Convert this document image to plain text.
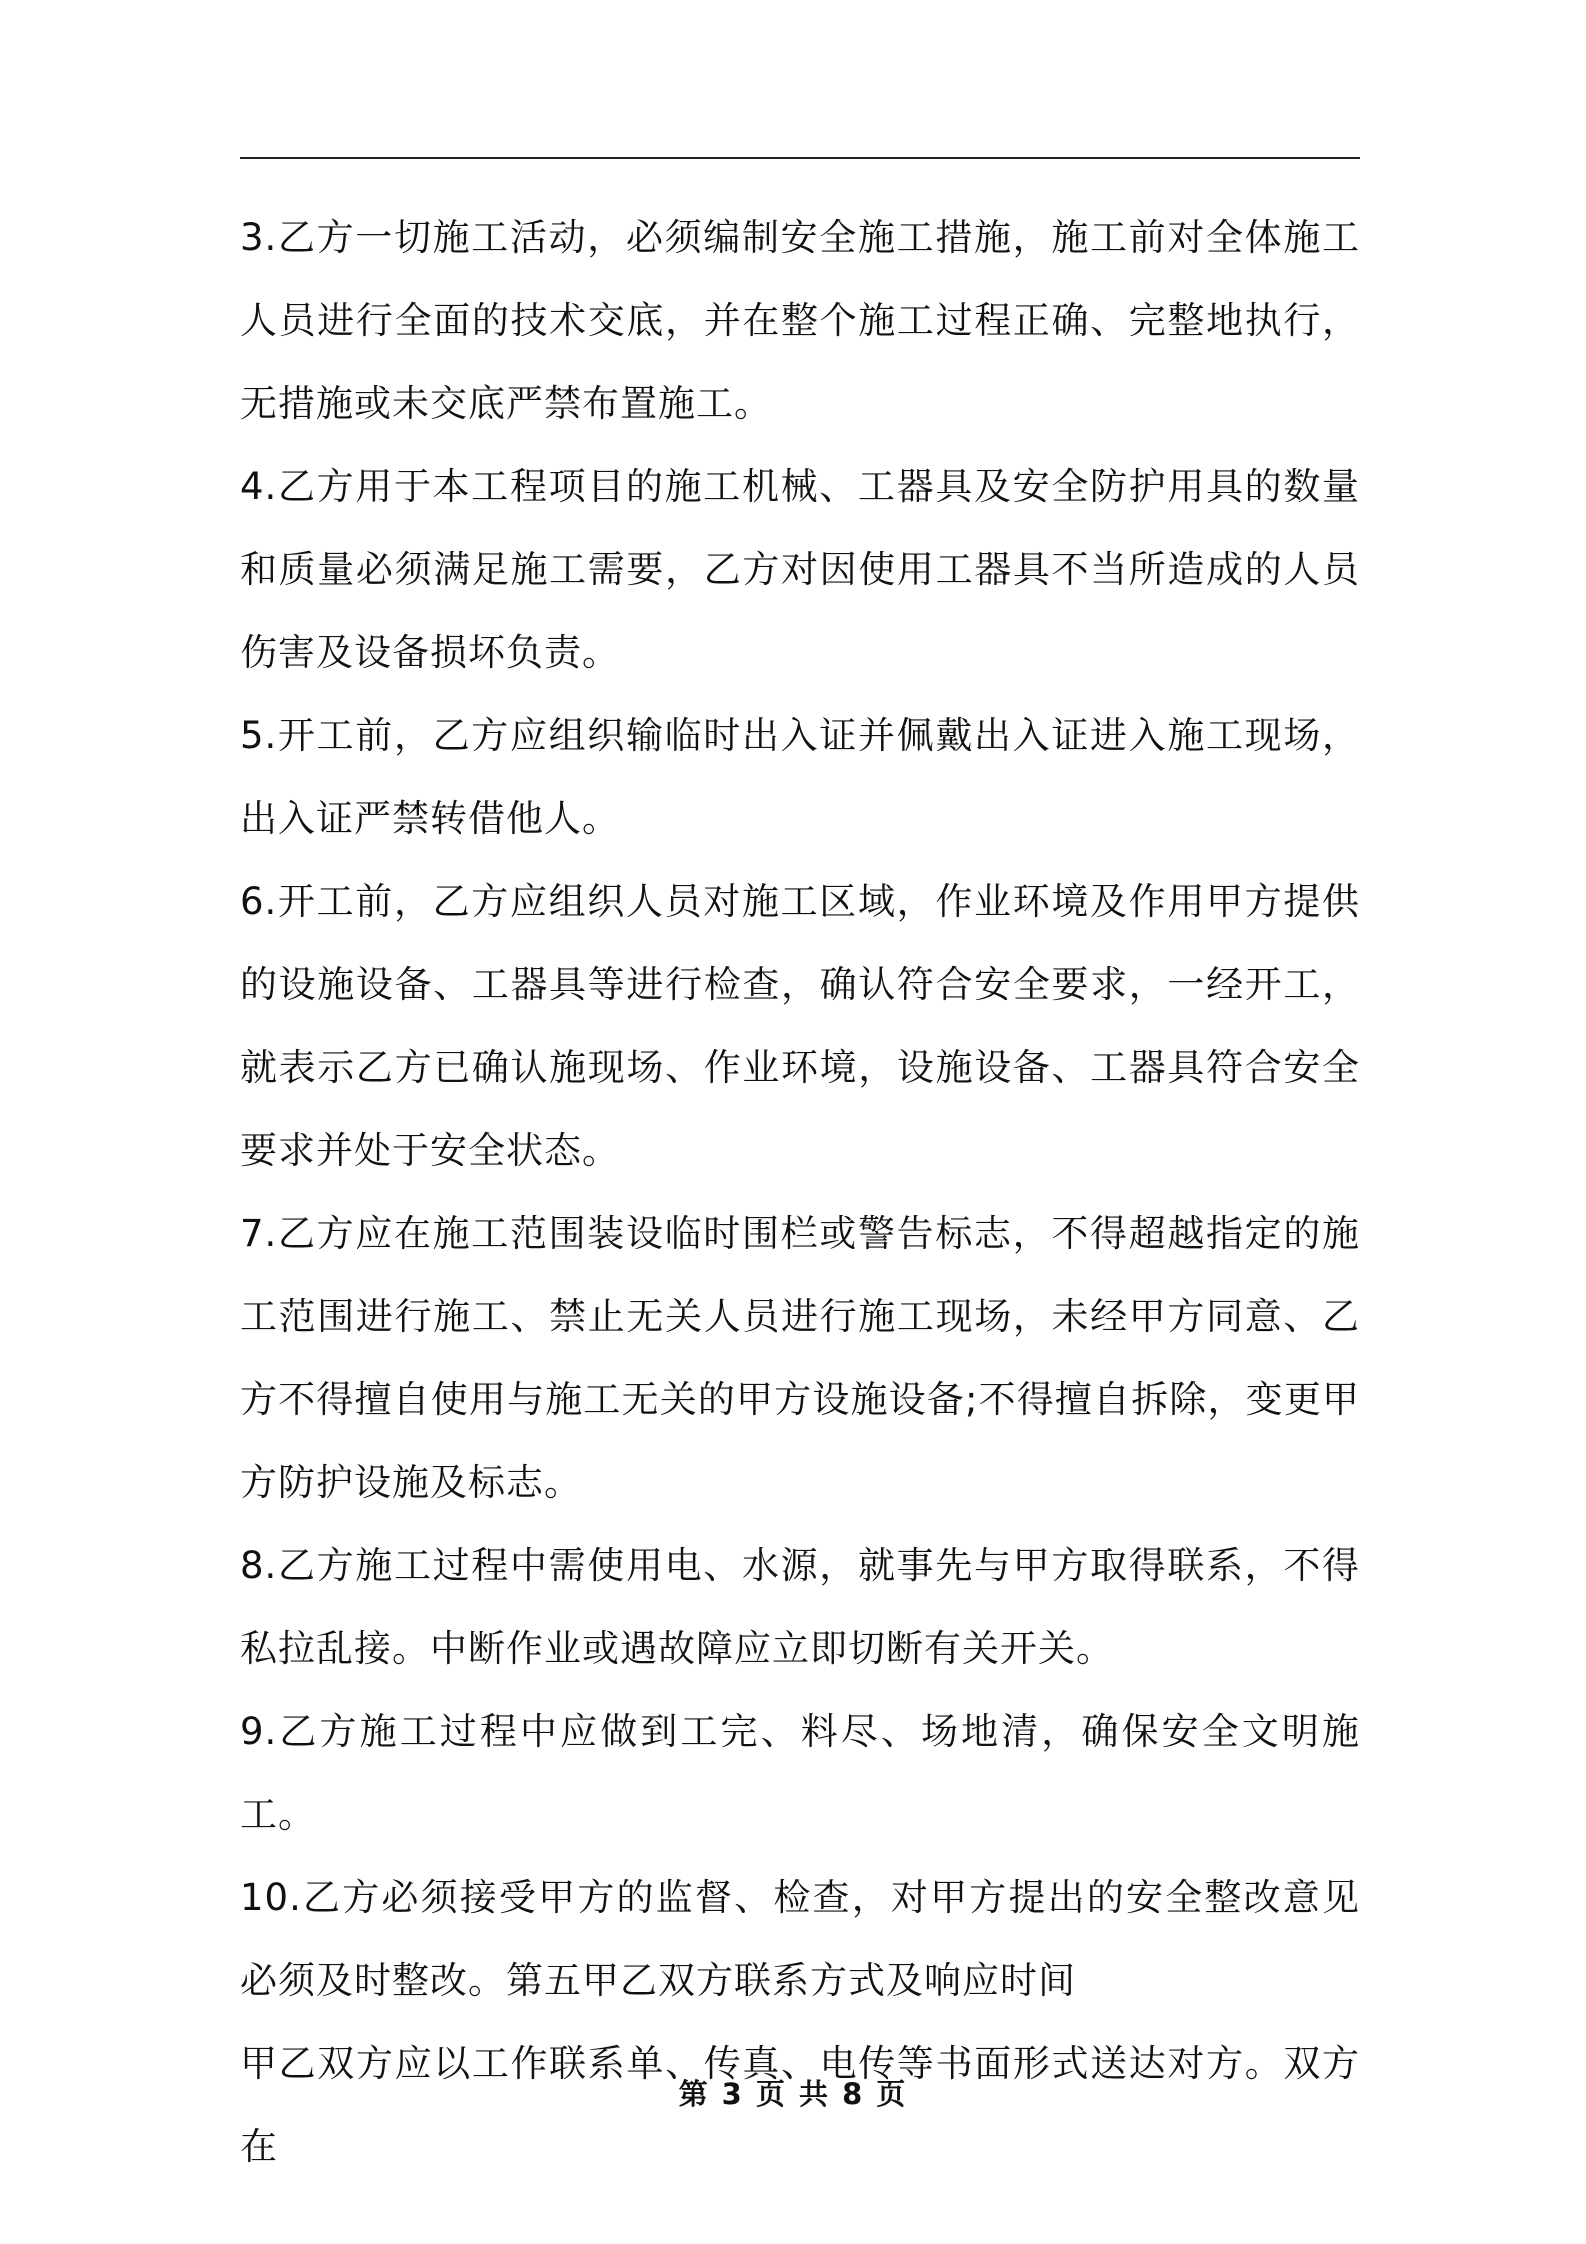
3.乙方一切施工活动，必须编制安全施工措施，施工前对全体施工人员进行全面的技术交底，并在整个施工过程正确、完整地执行，无措施或未交底严禁布置施工。

4.乙方用于本工程项目的施工机械、工器具及安全防护用具的数量和质量必须满足施工需要，乙方对因使用工器具不当所造成的人员伤害及设备损坏负责。

5.开工前，乙方应组织输临时出入证并佩戴出入证进入施工现场，出入证严禁转借他人。

6.开工前，乙方应组织人员对施工区域，作业环境及作用甲方提供的设施设备、工器具等进行检查，确认符合安全要求，一经开工，就表示乙方已确认施现场、作业环境，设施设备、工器具符合安全要求并处于安全状态。

7.乙方应在施工范围装设临时围栏或警告标志，不得超越指定的施工范围进行施工、禁止无关人员进行施工现场，未经甲方同意、乙方不得擅自使用与施工无关的甲方设施设备;不得擅自拆除，变更甲方防护设施及标志。

8.乙方施工过程中需使用电、水源，就事先与甲方取得联系，不得私拉乱接。中断作业或遇故障应立即切断有关开关。

9.乙方施工过程中应做到工完、料尽、场地清，确保安全文明施工。

10.乙方必须接受甲方的监督、检查，对甲方提出的安全整改意见必须及时整改。第五甲乙双方联系方式及响应时间

甲乙双方应以工作联系单、传真、电传等书面形式送达对方。双方在

第 3 页 共 8 页
